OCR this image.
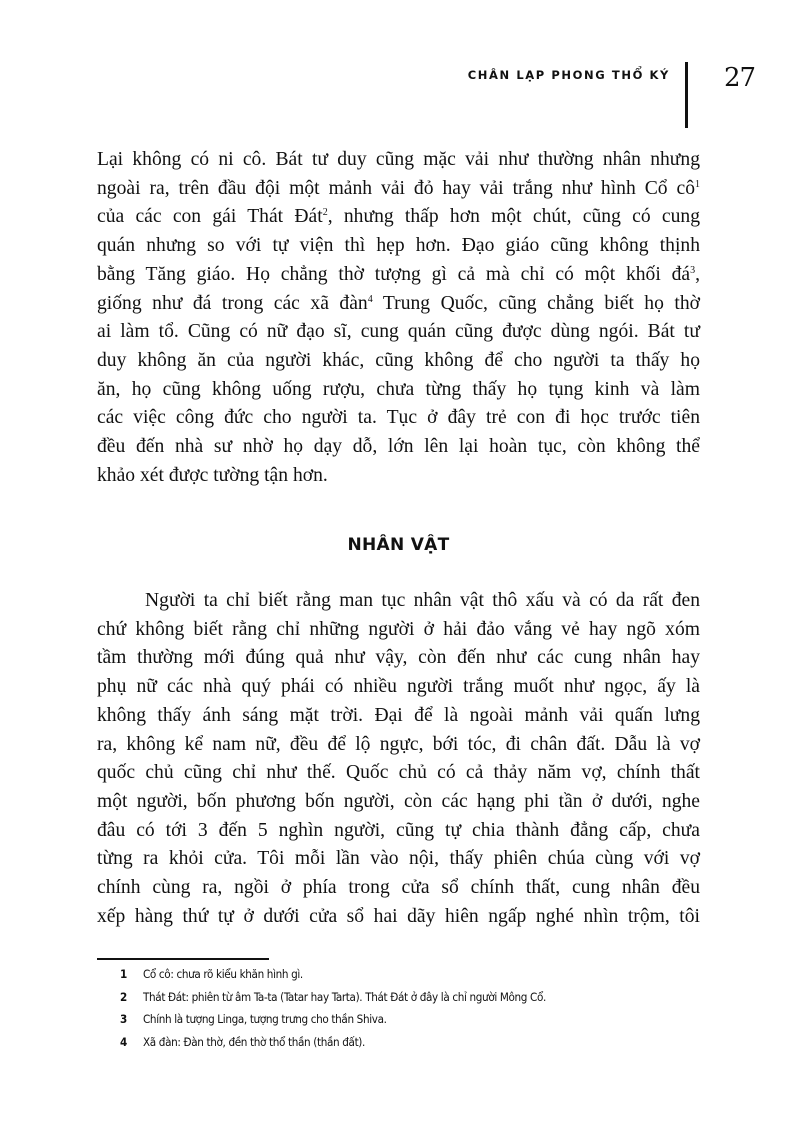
CHÂN LẠP PHONG THỔ KÝ 27
Lại không có ni cô. Bát tư duy cũng mặc vải như thường nhân nhưng
ngoài ra, trên đầu đội một mảnh vải đỏ hay vải trắng như hình Cổ $cô^1$
của các con gái Thát Đát$^2$, nhưng thấp hơn một chút, cũng có cung
quán nhưng so với tự viện thì hẹp hơn. Đạo giáo cũng không thịnh
bằng Tăng giáo. Họ chẳng thờ tượng gì cả mà chỉ có một khối $đá^3$,
giống như đá trong các xã đàn$^4$ Trung Quốc, cũng chẳng biết họ thờ
ai làm tổ. Cũng có nữ đạo sĩ, cung quán cũng được dùng ngói. Bát tư
duy không ăn của người khác, cũng không để cho người ta thấy họ
ăn, họ cũng không uống rượu, chưa từng thấy họ tụng kinh và làm
các việc công đức cho người ta. Tục ở đây trẻ con đi học trước tiên
đều đến nhà sư nhờ họ dạy dỗ, lớn lên lại hoàn tục, còn không thể
khảo xét được tường tận hơn.
NHÂN VẬT
Người ta chỉ biết rằng man tục nhân vật thô xấu và có da rất đen
chứ không biết rằng chỉ những người ở hải đảo vắng vẻ hay ngõ xóm
tầm thường mới đúng quả như vậy, còn đến như các cung nhân hay
phụ nữ các nhà quý phái có nhiều người trắng muốt như ngọc, ấy là
không thấy ánh sáng mặt trời. Đại để là ngoài mảnh vải quấn lưng
ra, không kể nam nữ, đều để lộ ngực, bới tóc, đi chân đất. Dẫu là vợ
quốc chủ cũng chỉ như thế. Quốc chủ có cả thảy năm vợ, chính thất
một người, bốn phương bốn người, còn các hạng phi tần ở dưới, nghe
đâu có tới 3 đến 5 nghìn người, cũng tự chia thành đẳng cấp, chưa
từng ra khỏi cửa. Tôi mỗi lần vào nội, thấy phiên chúa cùng với vợ
chính cùng ra, ngồi ở phía trong cửa sổ chính thất, cung nhân đều
xếp hàng thứ tự ở dưới cửa sổ hai dãy hiên ngấp nghé nhìn trộm, tôi
1	Cổ cô: chưa rõ kiểu khăn hình gì.
2	Thát Đát: phiên từ âm Ta-ta (Tatar hay Tarta). Thát Đát ở đây là chỉ người Mông Cổ.
3	Chính là tượng Linga, tượng trưng cho thần Shiva.
4	Xã đàn: Đàn thờ, đền thờ thổ thần (thần đất).
